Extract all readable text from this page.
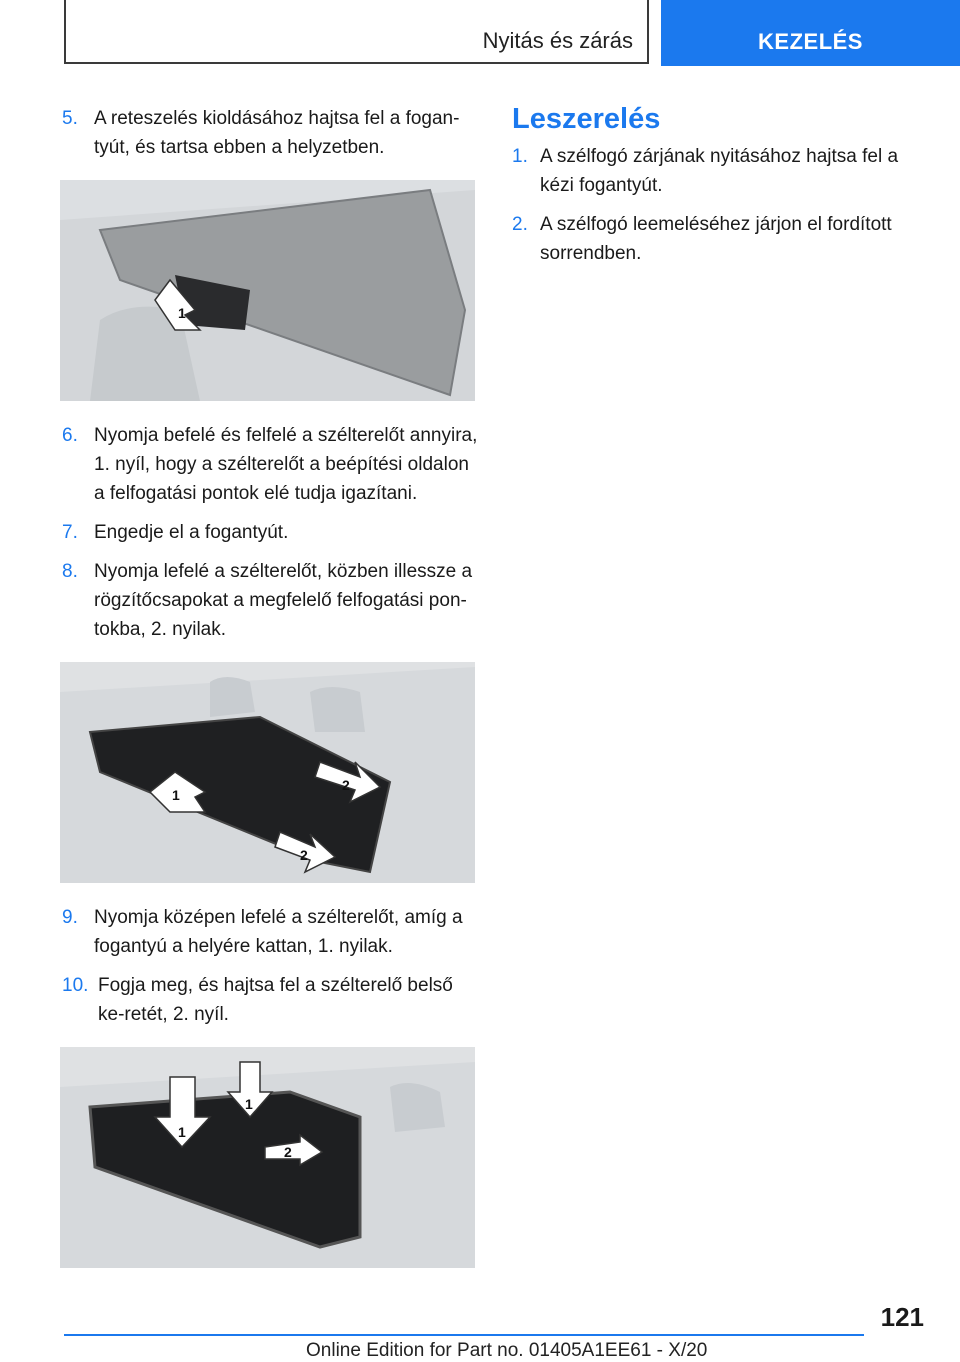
Nyitás és zárás	KEZELÉS
5. A reteszelés kioldásához hajtsa fel a fogan-tyút, és tartsa ebben a helyzetben.
1
6. Nyomja befelé és felfelé a szélterelőt annyira, 1. nyíl, hogy a szélterelőt a beépítési oldalon a felfogatási pontok elé tudja igazítani.
7. Engedje el a fogantyút.
8. Nyomja lefelé a szélterelőt, közben illessze a rögzítőcsapokat a megfelelő felfogatási pon-tokba, 2. nyilak.
1
2
2
9. Nyomja középen lefelé a szélterelőt, amíg a fogantyú a helyére kattan, 1. nyilak.
10. Fogja meg, és hajtsa fel a szélterelő belső ke-retét, 2. nyíl.
1
1
2
Leszerelés
1. A szélfogó zárjának nyitásához hajtsa fel a kézi fogantyút.
2. A szélfogó leemeléséhez járjon el fordított sorrendben.
121
Online Edition for Part no. 01405A1EE61 - X/20
